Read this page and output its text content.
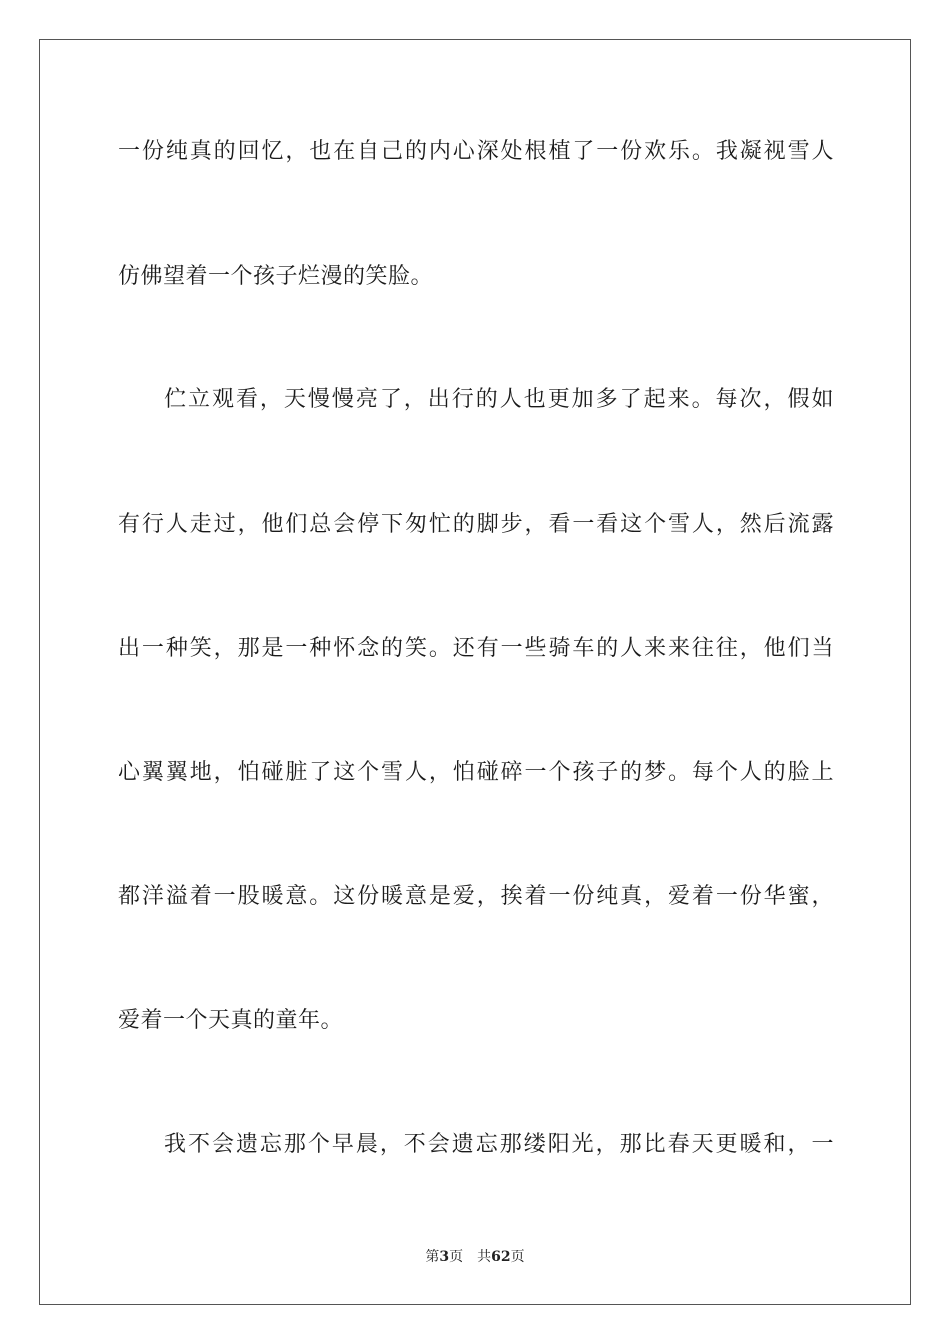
一份纯真的回忆，也在自己的内心深处根植了一份欢乐。我凝视雪人
仿佛望着一个孩子烂漫的笑脸。
伫立观看，天慢慢亮了，出行的人也更加多了起来。每次，假如
有行人走过，他们总会停下匆忙的脚步，看一看这个雪人，然后流露
出一种笑，那是一种怀念的笑。还有一些骑车的人来来往往，他们当
心翼翼地，怕碰脏了这个雪人，怕碰碎一个孩子的梦。每个人的脸上
都洋溢着一股暖意。这份暖意是爱，挨着一份纯真，爱着一份华蜜，
爱着一个天真的童年。
我不会遗忘那个早晨，不会遗忘那缕阳光，那比春天更暖和，一
第3页 共62页
